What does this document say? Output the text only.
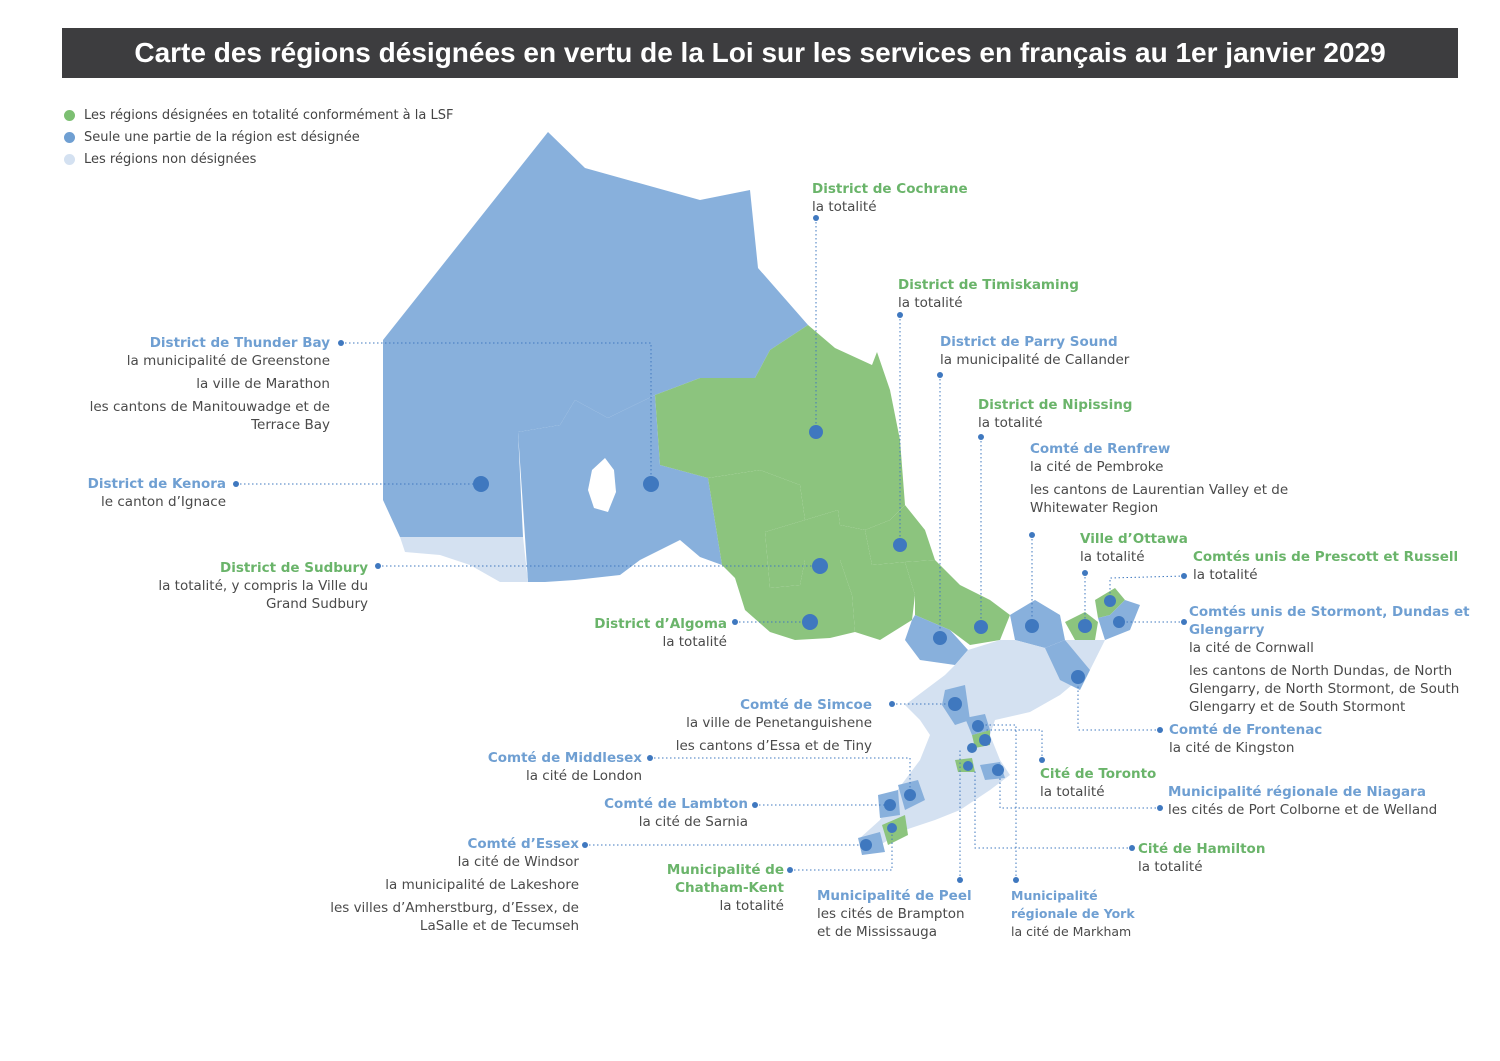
Carte des régions désignées en vertu de la Loi sur les services en français au 1er janvier 2029
Les régions désignées en totalité conformément à la LSF
Seule une partie de la région est désignée
Les régions non désignées
District de Cochrane
la totalité
District de Timiskaming
la totalité
District de Parry Sound
la municipalité de Callander
District de Nipissing
la totalité
Comté de Renfrew
la cité de Pembroke
les cantons de Laurentian Valley et de
Whitewater Region
Ville d’Ottawa
la totalité	Comtés unis de Prescott et Russell
la totalité
Comtés unis de Stormont, Dundas et Glengarry
la cité de Cornwall
les cantons de North Dundas, de North
Glengarry, de North Stormont, de South
Glengarry et de South Stormont
Comté de Frontenac
la cité de Kingston
Cité de Toronto
la totalité	Municipalité régionale de Niagara
les cités de Port Colborne et de Welland
Cité de Hamilton
la totalité
Municipalité régionale de York
la cité de Markham
Municipalité de Peel
les cités de Brampton
et de Mississauga
Municipalité de Chatham-Kent
la totalité
Comté d’Essex
la cité de Windsor
la municipalité de Lakeshore
les villes d’Amherstburg, d’Essex, de
LaSalle et de Tecumseh
Comté de Lambton
la cité de Sarnia
Comté de Middlesex
la cité de London
Comté de Simcoe
la ville de Penetanguishene
les cantons d’Essa et de Tiny
District d’Algoma
la totalité
District de Sudbury
la totalité, y compris la Ville du
Grand Sudbury
District de Kenora
le canton d’Ignace
District de Thunder Bay
la municipalité de Greenstone
la ville de Marathon
les cantons de Manitouwadge et de
Terrace Bay
